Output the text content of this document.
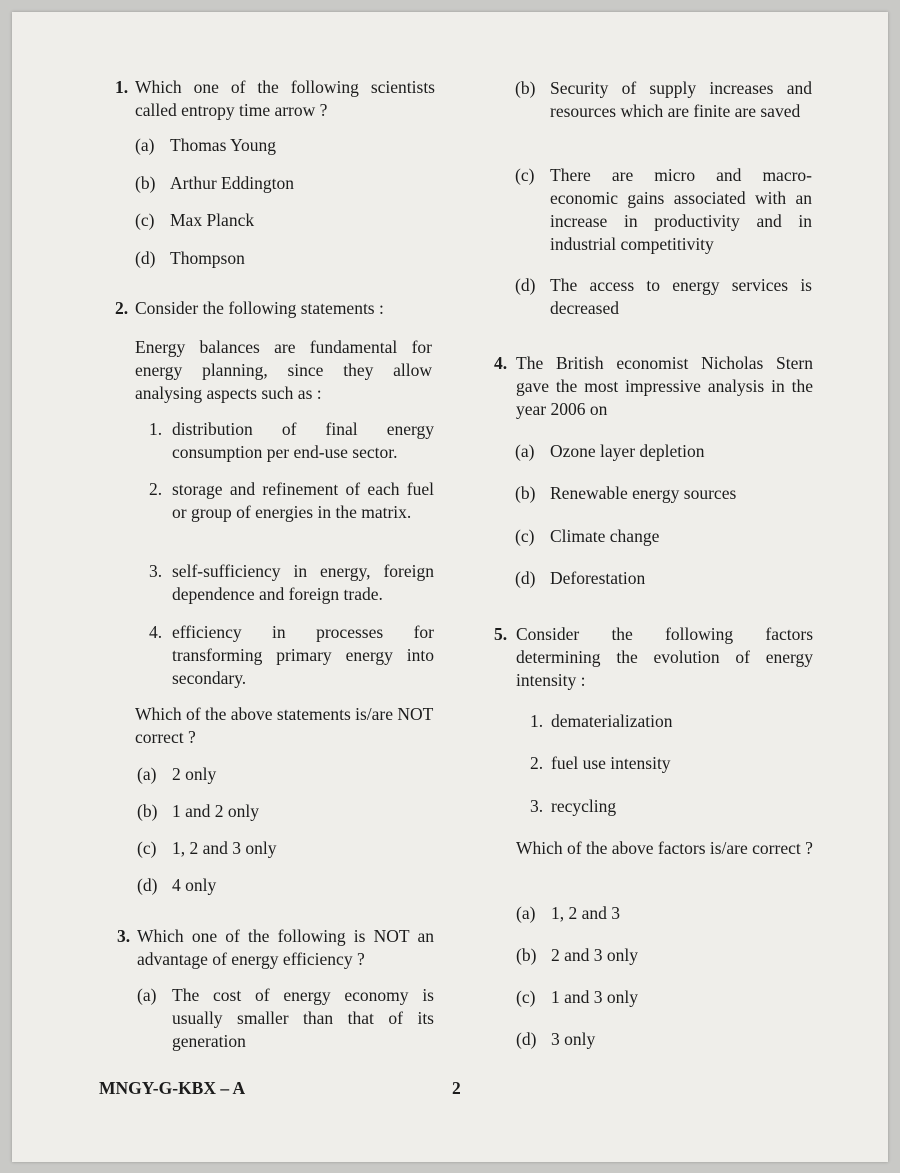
1. Which one of the following scientists called entropy time arrow ?
(a) Thomas Young
(b) Arthur Eddington
(c) Max Planck
(d) Thompson
2. Consider the following statements :
Energy balances are fundamental for energy planning, since they allow analysing aspects such as :
1. distribution of final energy consumption per end-use sector.
2. storage and refinement of each fuel or group of energies in the matrix.
3. self-sufficiency in energy, foreign dependence and foreign trade.
4. efficiency in processes for transforming primary energy into secondary.
Which of the above statements is/are NOT correct ?
(a) 2 only
(b) 1 and 2 only
(c) 1, 2 and 3 only
(d) 4 only
3. Which one of the following is NOT an advantage of energy efficiency ?
(a) The cost of energy economy is usually smaller than that of its generation
(b) Security of supply increases and resources which are finite are saved
(c) There are micro and macro-economic gains associated with an increase in productivity and in industrial competitivity
(d) The access to energy services is decreased
4. The British economist Nicholas Stern gave the most impressive analysis in the year 2006 on
(a) Ozone layer depletion
(b) Renewable energy sources
(c) Climate change
(d) Deforestation
5. Consider the following factors determining the evolution of energy intensity :
1. dematerialization
2. fuel use intensity
3. recycling
Which of the above factors is/are correct ?
(a) 1, 2 and 3
(b) 2 and 3 only
(c) 1 and 3 only
(d) 3 only
MNGY-G-KBX – A	2
